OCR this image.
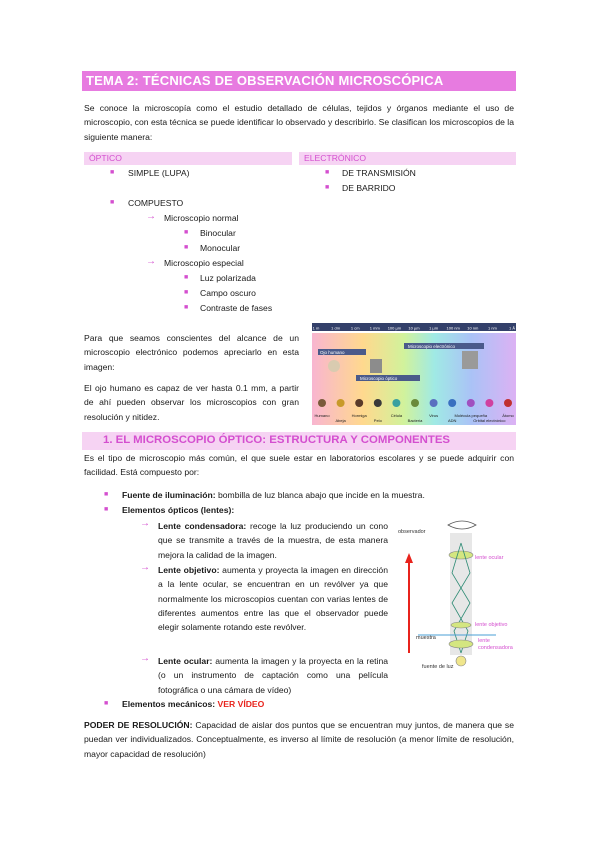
TEMA 2: TÉCNICAS DE OBSERVACIÓN MICROSCÓPICA
Se conoce la microscopía como el estudio detallado de células, tejidos y órganos mediante el uso de microscopio, con esta técnica se puede identificar lo observado y describirlo. Se clasifican los microscopios de la siguiente manera:
ÓPTICO	ELECTRÓNICO
■ SIMPLE (LUPA)
■ COMPUESTO
→ Microscopio normal
■ Binocular
■ Monocular
→ Microscopio especial
■ Luz polarizada
■ Campo oscuro
■ Contraste de fases
■ DE TRANSMISIÓN
■ DE BARRIDO
Para que seamos conscientes del alcance de un microscopio electrónico podemos apreciarlo en esta imagen:
El ojo humano es capaz de ver hasta 0.1 mm, a partir de ahí pueden observar los microscopios con gran resolución y nitidez.
1 m	1 dm	1 cm	1 mm 100 µm 10 µm 1 µm 100 nm 10 nm 1 nm	1 Å
Ojo humano
Microscopio óptico
Microscopio electrónico
Humano
Abeja
Hormiga
Pelo
Célula
Bacteria
Virus
ADN
Molécula pequeña
Orbital electrónico
Átomo
1. EL MICROSCOPIO ÓPTICO: ESTRUCTURA Y COMPONENTES
Es el tipo de microscopio más común, el que suele estar en laboratorios escolares y se puede adquirir con facilidad. Está compuesto por:
■ Fuente de iluminación: bombilla de luz blanca abajo que incide en la muestra.
■ Elementos ópticos (lentes):
→ Lente condensadora: recoge la luz produciendo un cono que se transmite a través de la muestra, de esta manera mejora la calidad de la imagen.
→ Lente objetivo: aumenta y proyecta la imagen en dirección a la lente ocular, se encuentran en un revólver ya que normalmente los microscopios cuentan con varias lentes de diferentes aumentos entre las que el observador puede elegir solamente rotando este revólver.
→ Lente ocular: aumenta la imagen y la proyecta en la retina (o un instrumento de captación como una película fotográfica o una cámara de vídeo)
■ Elementos mecánicos: VER VÍDEO
observador
lente ocular
lente objetivo
muestra	lente
condensadora
fuente de luz
PODER DE RESOLUCIÓN: Capacidad de aislar dos puntos que se encuentran muy juntos, de manera que se puedan ver individualizados. Conceptualmente, es inverso al límite de resolución (a menor límite de resolución, mayor capacidad de resolución)
